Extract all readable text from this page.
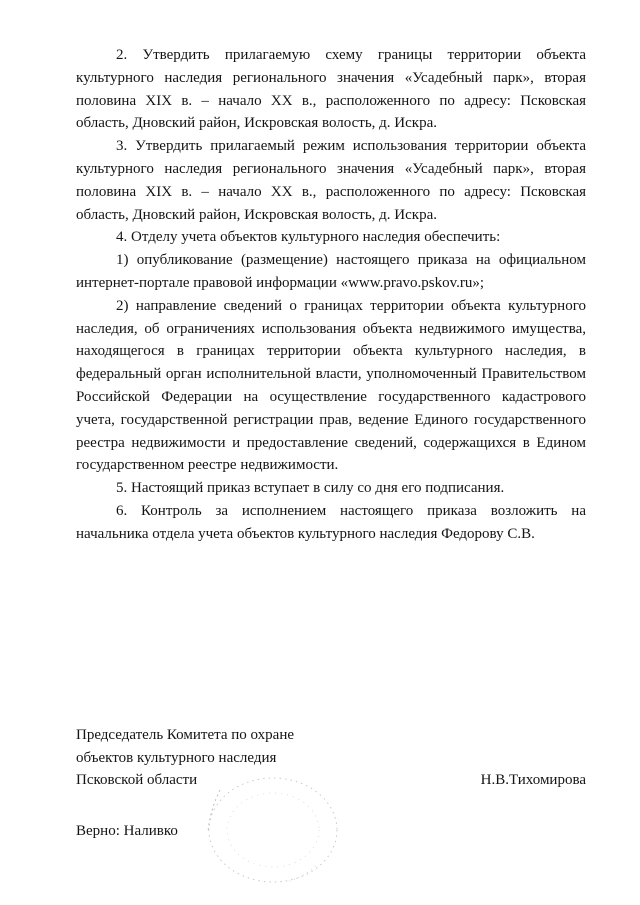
2. Утвердить прилагаемую схему границы территории объекта культурного наследия регионального значения «Усадебный парк», вторая половина XIX в. – начало XX в., расположенного по адресу: Псковская область, Дновский район, Искровская волость, д. Искра.

3. Утвердить прилагаемый режим использования территории объекта культурного наследия регионального значения «Усадебный парк», вторая половина XIX в. – начало XX в., расположенного по адресу: Псковская область, Дновский район, Искровская волость, д. Искра.

4. Отделу учета объектов культурного наследия обеспечить:

1) опубликование (размещение) настоящего приказа на официальном интернет-портале правовой информации «www.pravo.pskov.ru»;

2) направление сведений о границах территории объекта культурного наследия, об ограничениях использования объекта недвижимого имущества, находящегося в границах территории объекта культурного наследия, в федеральный орган исполнительной власти, уполномоченный Правительством Российской Федерации на осуществление государственного кадастрового учета, государственной регистрации прав, ведение Единого государственного реестра недвижимости и предоставление сведений, содержащихся в Едином государственном реестре недвижимости.

5. Настоящий приказ вступает в силу со дня его подписания.

6. Контроль за исполнением настоящего приказа возложить на начальника отдела учета объектов культурного наследия Федорову С.В.

Председатель Комитета по охране

объектов культурного наследия

Псковской области	Н.В.Тихомирова

Верно: Наливко
